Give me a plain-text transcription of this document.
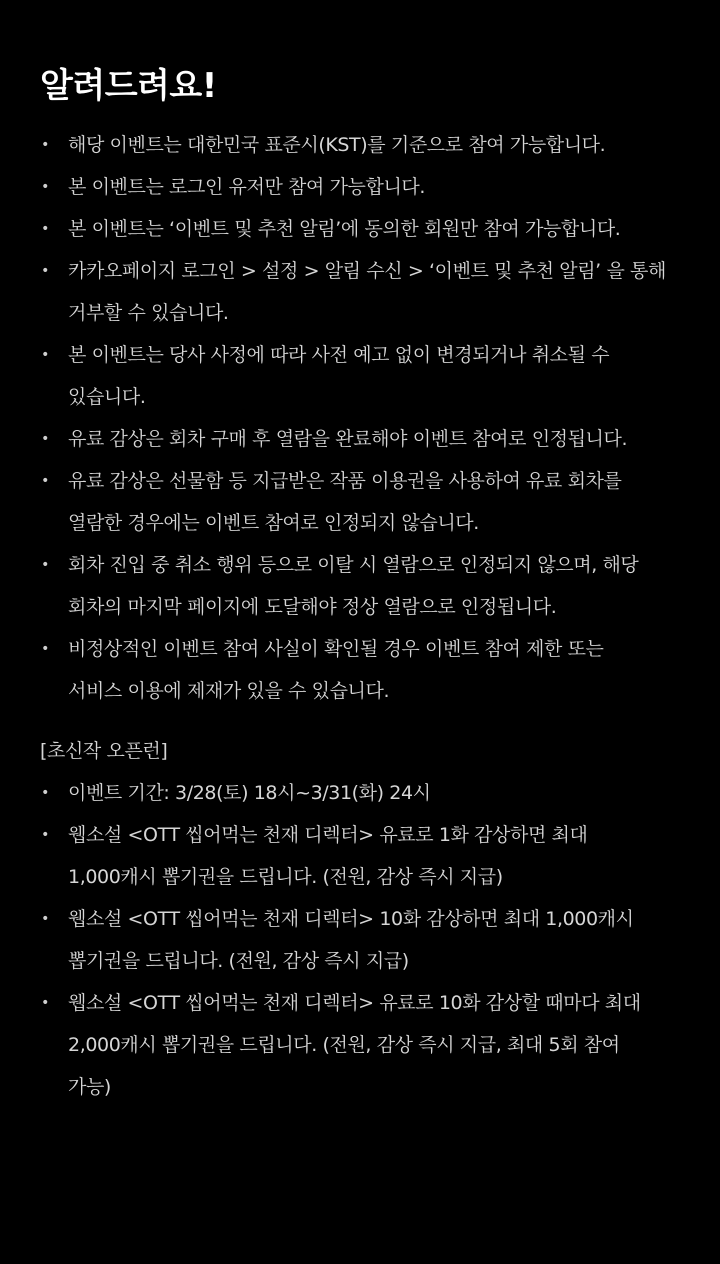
알려드려요!
• 해당 이벤트는 대한민국 표준시(KST)를 기준으로 참여 가능합니다.
• 본 이벤트는 로그인 유저만 참여 가능합니다.
• 본 이벤트는 ‘이벤트 및 추천 알림’에 동의한 회원만 참여 가능합니다.
• 카카오페이지 로그인 > 설정 > 알림 수신 > ‘이벤트 및 추천 알림’ 을 통해
거부할 수 있습니다.
• 본 이벤트는 당사 사정에 따라 사전 예고 없이 변경되거나 취소될 수
있습니다.
• 유료 감상은 회차 구매 후 열람을 완료해야 이벤트 참여로 인정됩니다.
• 유료 감상은 선물함 등 지급받은 작품 이용권을 사용하여 유료 회차를
열람한 경우에는 이벤트 참여로 인정되지 않습니다.
• 회차 진입 중 취소 행위 등으로 이탈 시 열람으로 인정되지 않으며, 해당
회차의 마지막 페이지에 도달해야 정상 열람으로 인정됩니다.
• 비정상적인 이벤트 참여 사실이 확인될 경우 이벤트 참여 제한 또는
서비스 이용에 제재가 있을 수 있습니다.
[초신작 오픈런]
• 이벤트 기간: 3/28(토) 18시~3/31(화) 24시
• 웹소설 <OTT 씹어먹는 천재 디렉터> 유료로 1화 감상하면 최대
1,000캐시 뽑기권을 드립니다. (전원, 감상 즉시 지급)
• 웹소설 <OTT 씹어먹는 천재 디렉터> 10화 감상하면 최대 1,000캐시
뽑기권을 드립니다. (전원, 감상 즉시 지급)
• 웹소설 <OTT 씹어먹는 천재 디렉터> 유료로 10화 감상할 때마다 최대
2,000캐시 뽑기권을 드립니다. (전원, 감상 즉시 지급, 최대 5회 참여
가능)
